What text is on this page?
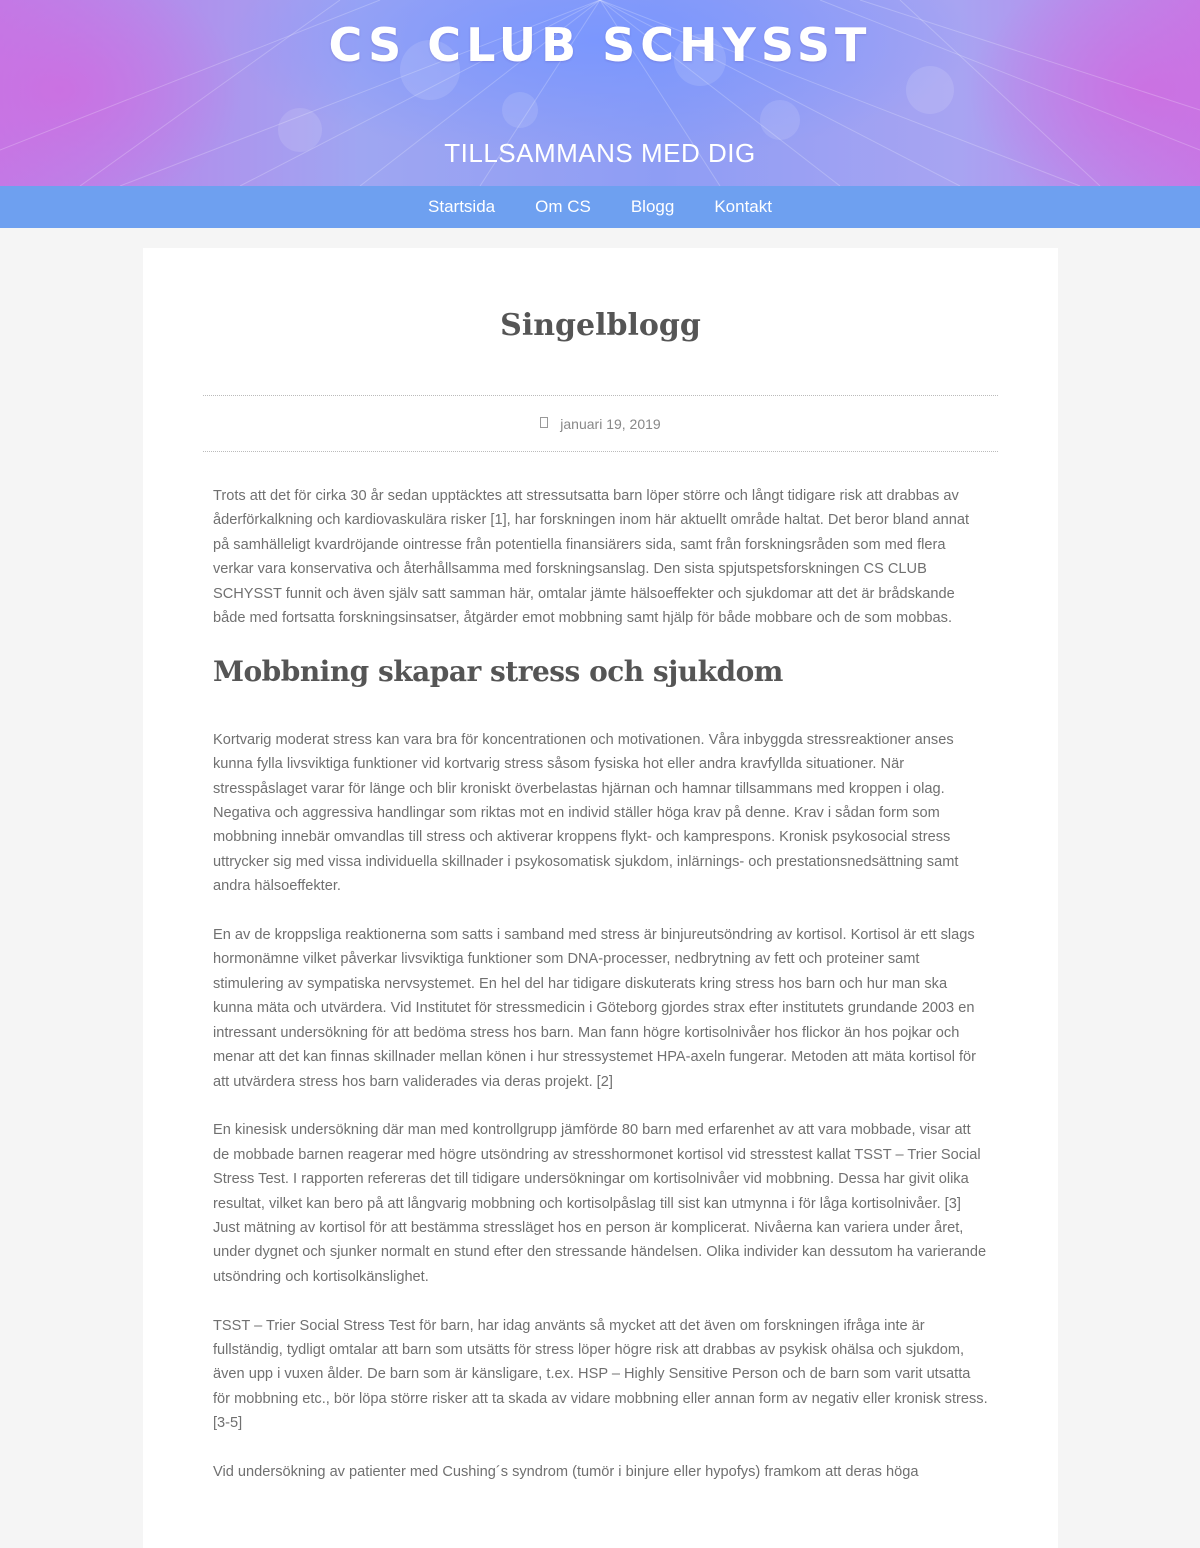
CS CLUB SCHYSST
TILLSAMMANS MED DIG
Startsida Om CS Blogg Kontakt
Singelblogg
januari 19, 2019

Trots att det för cirka 30 år sedan upptäcktes att stressutsatta barn löper större och långt tidigare risk att drabbas av åderförkalkning och kardiovaskulära risker [1], har forskningen inom här aktuellt område haltat. Det beror bland annat på samhälleligt kvardröjande ointresse från potentiella finansiärers sida, samt från forskningsråden som med flera verkar vara konservativa och återhållsamma med forskningsanslag. Den sista spjutspetsforskningen CS CLUB SCHYSST funnit och även själv satt samman här, omtalar jämte hälsoeffekter och sjukdomar att det är brådskande både med fortsatta forskningsinsatser, åtgärder emot mobbning samt hjälp för både mobbare och de som mobbas.

Mobbning skapar stress och sjukdom

Kortvarig moderat stress kan vara bra för koncentrationen och motivationen. Våra inbyggda stressreaktioner anses kunna fylla livsviktiga funktioner vid kortvarig stress såsom fysiska hot eller andra kravfyllda situationer. När stresspåslaget varar för länge och blir kroniskt överbelastas hjärnan och hamnar tillsammans med kroppen i olag. Negativa och aggressiva handlingar som riktas mot en individ ställer höga krav på denne. Krav i sådan form som mobbning innebär omvandlas till stress och aktiverar kroppens flykt- och kamprespons. Kronisk psykosocial stress uttrycker sig med vissa individuella skillnader i psykosomatisk sjukdom, inlärnings- och prestationsnedsättning samt andra hälsoeffekter.

En av de kroppsliga reaktionerna som satts i samband med stress är binjureutsöndring av kortisol. Kortisol är ett slags hormonämne vilket påverkar livsviktiga funktioner som DNA-processer, nedbrytning av fett och proteiner samt stimulering av sympatiska nervsystemet. En hel del har tidigare diskuterats kring stress hos barn och hur man ska kunna mäta och utvärdera. Vid Institutet för stressmedicin i Göteborg gjordes strax efter institutets grundande 2003 en intressant undersökning för att bedöma stress hos barn. Man fann högre kortisolnivåer hos flickor än hos pojkar och menar att det kan finnas skillnader mellan könen i hur stressystemet HPA-axeln fungerar. Metoden att mäta kortisol för att utvärdera stress hos barn validerades via deras projekt. [2]

En kinesisk undersökning där man med kontrollgrupp jämförde 80 barn med erfarenhet av att vara mobbade, visar att de mobbade barnen reagerar med högre utsöndring av stresshormonet kortisol vid stresstest kallat TSST – Trier Social Stress Test. I rapporten refereras det till tidigare undersökningar om kortisolnivåer vid mobbning. Dessa har givit olika resultat, vilket kan bero på att långvarig mobbning och kortisolpåslag till sist kan utmynna i för låga kortisolnivåer. [3] Just mätning av kortisol för att bestämma stressläget hos en person är komplicerat. Nivåerna kan variera under året, under dygnet och sjunker normalt en stund efter den stressande händelsen. Olika individer kan dessutom ha varierande utsöndring och kortisolkänslighet.

TSST – Trier Social Stress Test för barn, har idag använts så mycket att det även om forskningen ifråga inte är fullständig, tydligt omtalar att barn som utsätts för stress löper högre risk att drabbas av psykisk ohälsa och sjukdom, även upp i vuxen ålder. De barn som är känsligare, t.ex. HSP – Highly Sensitive Person och de barn som varit utsatta för mobbning etc., bör löpa större risker att ta skada av vidare mobbning eller annan form av negativ eller kronisk stress. [3-5]

Vid undersökning av patienter med Cushing´s syndrom (tumör i binjure eller hypofys) framkom att deras höga
